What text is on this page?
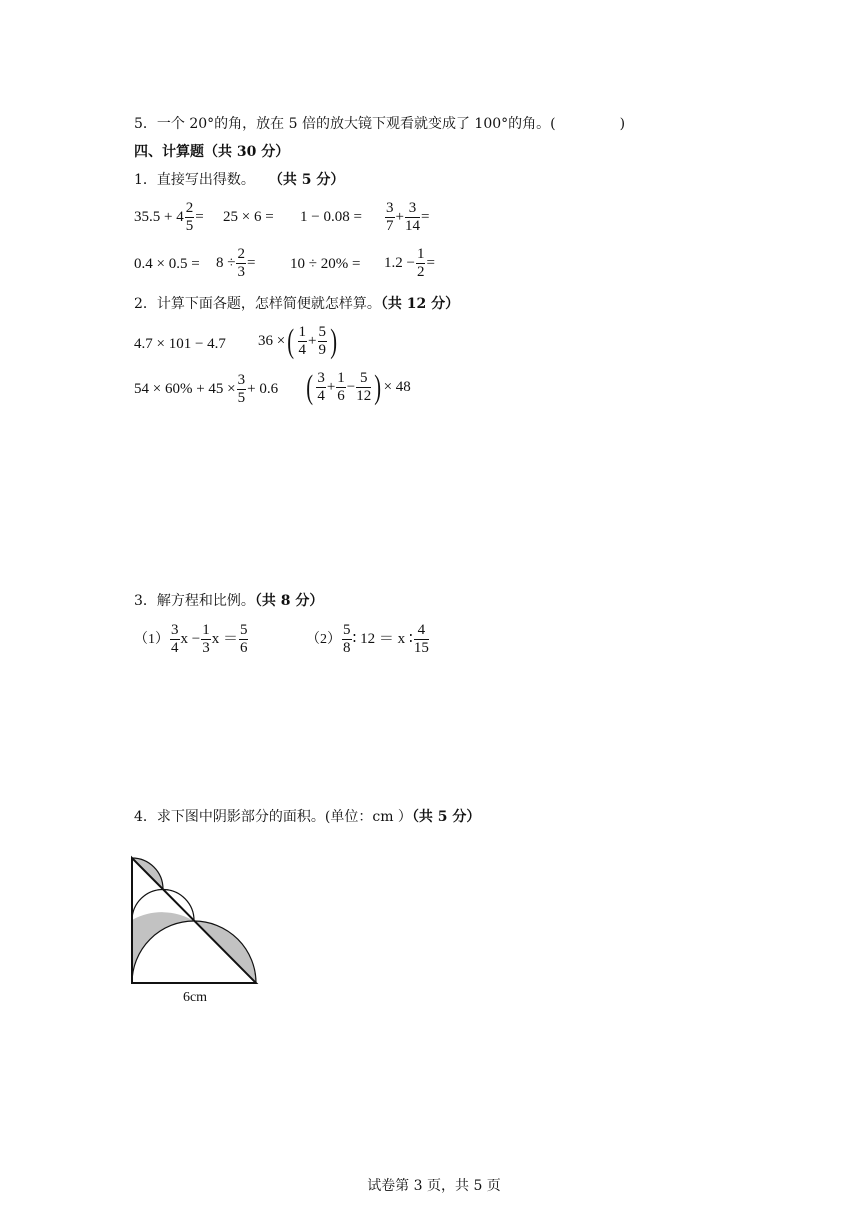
5．一个 20°的角，放在 5 倍的放大镜下观看就变成了 100°的角。(	)
四、计算题（共 30 分）
1．直接写出得数。 （共 5 分）
$35.5 + 4 \frac{2}{5} = 25 \times 6 = 1 - 0.08 = \frac{3}{7} + \frac{3}{14}$ =
$0.4 \times 0.5 = 8 \div \frac{2}{3} = 10 \div 20\% = 1.2 - \frac{1}{2}$ =
2．计算下面各题，怎样简便就怎样算。（共 12 分）
4.7 × 101 − 4.7 36 ×( $\frac{1}{4} + \frac{5}{9}$ )
$54 \times 60\% + 45 \times \frac{3}{5} + 0.6$ ( $\frac{3}{4} + \frac{1}{6} - \frac{5}{12}$ ) × 48
3．解方程和比例。（共 8 分）
$(1) \frac{3}{4}$ $x - \frac{1}{3}$ $x = \frac{5}{6}$	$(2) \frac{5}{8}$ ∶ 12 ＝ x ∶ $\frac{4}{15}$
4．求下图中阴影部分的面积。(单位：cm ）（共 5 分）
6cm
试卷第 3 页，共 5 页
